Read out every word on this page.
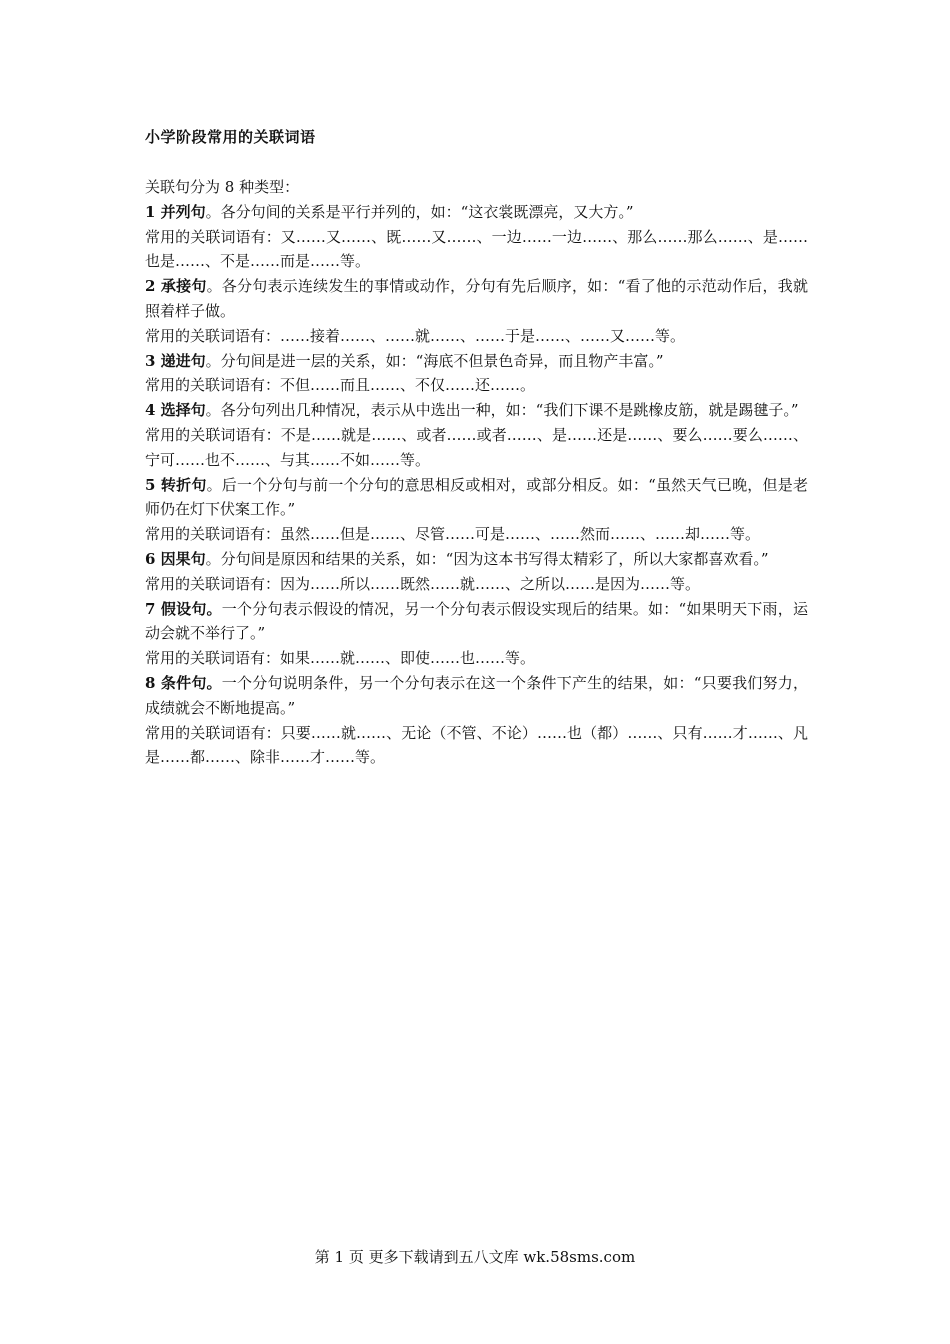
小学阶段常用的关联词语

关联句分为 8 种类型：

1 并列句。各分句间的关系是平行并列的，如：“这衣裳既漂亮，又大方。”

常用的关联词语有：又……又……、既……又……、一边……一边……、那么……那么……、是……也是……、不是……而是……等。

2 承接句。各分句表示连续发生的事情或动作，分句有先后顺序，如：“看了他的示范动作后，我就照着样子做。

常用的关联词语有：……接着……、……就……、……于是……、……又……等。

3 递进句。分句间是进一层的关系，如：“海底不但景色奇异，而且物产丰富。”

常用的关联词语有：不但……而且……、不仅……还……。

4 选择句。各分句列出几种情况，表示从中选出一种，如：“我们下课不是跳橡皮筋，就是踢毽子。”

常用的关联词语有：不是……就是……、或者……或者……、是……还是……、要么……要么……、宁可……也不……、与其……不如……等。

5 转折句。后一个分句与前一个分句的意思相反或相对，或部分相反。如：“虽然天气已晚，但是老师仍在灯下伏案工作。”

常用的关联词语有：虽然……但是……、尽管……可是……、……然而……、……却……等。

6 因果句。分句间是原因和结果的关系，如：“因为这本书写得太精彩了，所以大家都喜欢看。”

常用的关联词语有：因为……所以……既然……就……、之所以……是因为……等。

7 假设句。一个分句表示假设的情况，另一个分句表示假设实现后的结果。如：“如果明天下雨，运动会就不举行了。”

常用的关联词语有：如果……就……、即使……也……等。

8 条件句。一个分句说明条件，另一个分句表示在这一个条件下产生的结果，如：“只要我们努力，成绩就会不断地提高。”

常用的关联词语有：只要……就……、无论（不管、不论）……也（都）……、只有……才……、凡是……都……、除非……才……等。

第 1 页 更多下载请到五八文库 wk.58sms.com
